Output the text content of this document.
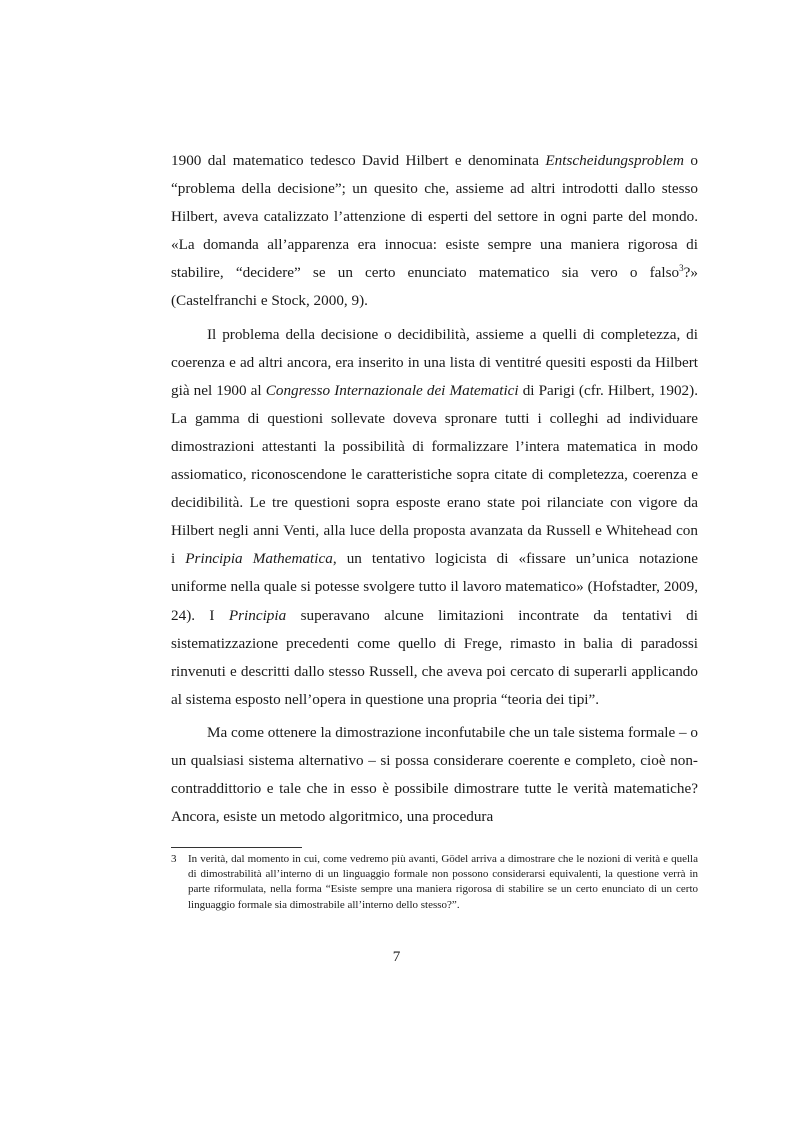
1900 dal matematico tedesco David Hilbert e denominata Entscheidungsproblem o “problema della decisione”; un quesito che, assieme ad altri introdotti dallo stesso Hilbert, aveva catalizzato l’attenzione di esperti del settore in ogni parte del mondo. «La domanda all’apparenza era innocua: esiste sempre una maniera rigorosa di stabilire, “decidere” se un certo enunciato matematico sia vero o falso$^3$?» (Castelfranchi e Stock, 2000, 9).

Il problema della decisione o decidibilità, assieme a quelli di completezza, di coerenza e ad altri ancora, era inserito in una lista di ventitré quesiti esposti da Hilbert già nel 1900 al Congresso Internazionale dei Matematici di Parigi (cfr. Hilbert, 1902). La gamma di questioni sollevate doveva spronare tutti i colleghi ad individuare dimostrazioni attestanti la possibilità di formalizzare l’intera matematica in modo assiomatico, riconoscendone le caratteristiche sopra citate di completezza, coerenza e decidibilità. Le tre questioni sopra esposte erano state poi rilanciate con vigore da Hilbert negli anni Venti, alla luce della proposta avanzata da Russell e Whitehead con i Principia Mathematica, un tentativo logicista di «fissare un’unica notazione uniforme nella quale si potesse svolgere tutto il lavoro matematico» (Hofstadter, 2009, 24). I Principia superavano alcune limitazioni incontrate da tentativi di sistematizzazione precedenti come quello di Frege, rimasto in balia di paradossi rinvenuti e descritti dallo stesso Russell, che aveva poi cercato di superarli applicando al sistema esposto nell’opera in questione una propria “teoria dei tipi”.

Ma come ottenere la dimostrazione inconfutabile che un tale sistema formale – o un qualsiasi sistema alternativo – si possa considerare coerente e completo, cioè non-contraddittorio e tale che in esso è possibile dimostrare tutte le verità matematiche? Ancora, esiste un metodo algoritmico, una procedura

3	In verità, dal momento in cui, come vedremo più avanti, Gödel arriva a dimostrare che le nozioni di verità e quella di dimostrabilità all’interno di un linguaggio formale non possono considerarsi equivalenti, la questione verrà in parte riformulata, nella forma “Esiste sempre una maniera rigorosa di stabilire se un certo enunciato di un certo linguaggio formale sia dimostrabile all’interno dello stesso?”.
7
